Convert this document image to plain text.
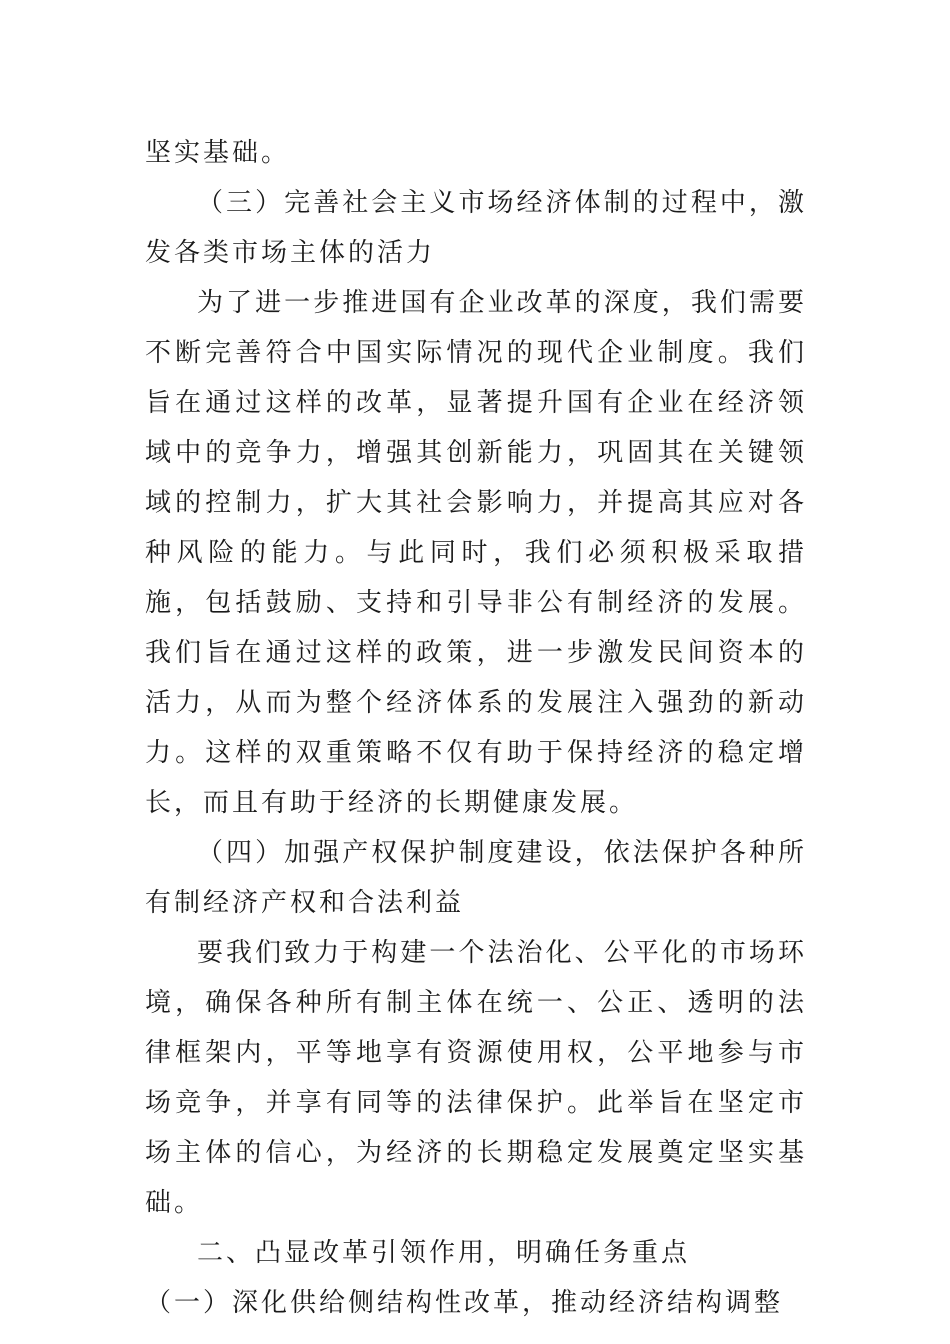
坚实基础。

（三）完善社会主义市场经济体制的过程中，激发各类市场主体的活力

为了进一步推进国有企业改革的深度，我们需要不断完善符合中国实际情况的现代企业制度。我们旨在通过这样的改革，显著提升国有企业在经济领域中的竞争力，增强其创新能力，巩固其在关键领域的控制力，扩大其社会影响力，并提高其应对各种风险的能力。与此同时，我们必须积极采取措施，包括鼓励、支持和引导非公有制经济的发展。我们旨在通过这样的政策，进一步激发民间资本的活力，从而为整个经济体系的发展注入强劲的新动力。这样的双重策略不仅有助于保持经济的稳定增长，而且有助于经济的长期健康发展。

（四）加强产权保护制度建设，依法保护各种所有制经济产权和合法利益

要我们致力于构建一个法治化、公平化的市场环境，确保各种所有制主体在统一、公正、透明的法律框架内，平等地享有资源使用权，公平地参与市场竞争，并享有同等的法律保护。此举旨在坚定市场主体的信心，为经济的长期稳定发展奠定坚实基础。

二、凸显改革引领作用，明确任务重点

（一）深化供给侧结构性改革，推动经济结构调整
